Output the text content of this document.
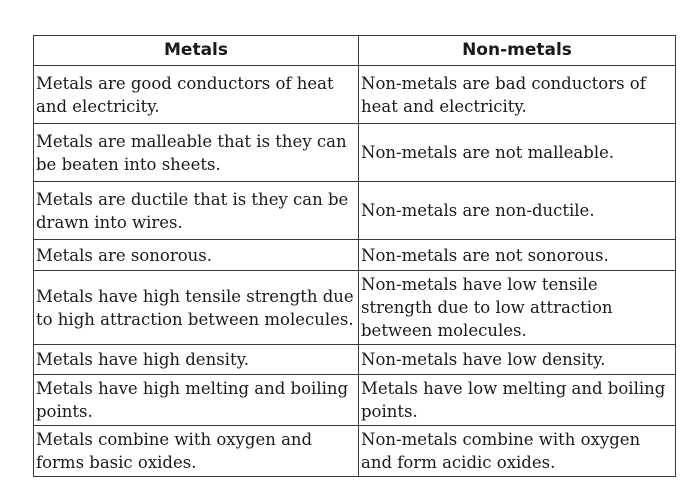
Metals	Non-metals
Metals are good conductors of heat and electricity.	Non-metals are bad conductors of heat and electricity.
Metals are malleable that is they can be beaten into sheets.	Non-metals are not malleable.
Metals are ductile that is they can be drawn into wires.	Non-metals are non-ductile.
Metals are sonorous.	Non-metals are not sonorous.
Metals have high tensile strength due to high attraction between molecules.	Non-metals have low tensile strength due to low attraction between molecules.
Metals have high density.	Non-metals have low density.
Metals have high melting and boiling points.	Metals have low melting and boiling points.
Metals combine with oxygen and forms basic oxides.	Non-metals combine with oxygen and form acidic oxides.
